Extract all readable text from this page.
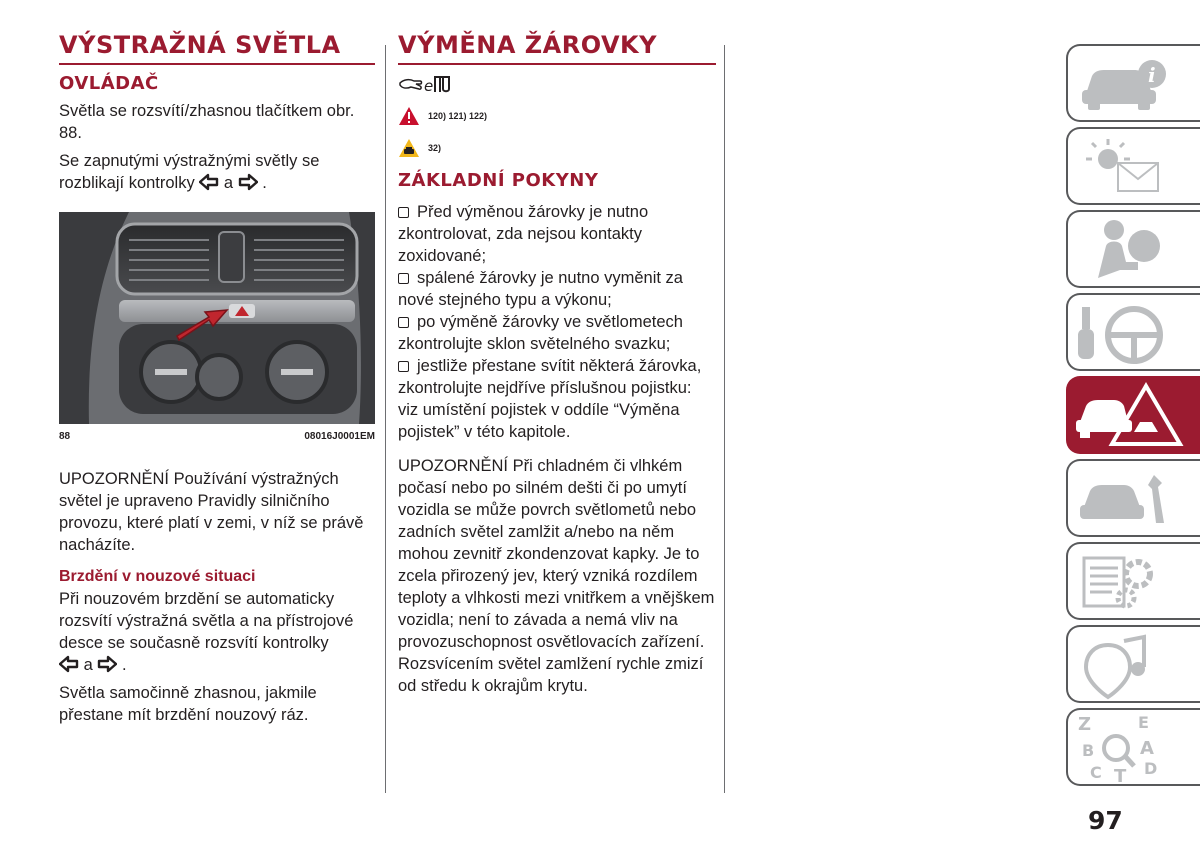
VÝSTRAŽNÁ SVĚTLA
OVLÁDAČ

Světla se rozsvítí/zhasnou tlačítkem obr. 88.

Se zapnutými výstražnými světly se rozblikají kontrolky a .

88	08016J0001EM

UPOZORNĚNÍ Používání výstražných světel je upraveno Pravidly silničního provozu, které platí v zemi, v níž se právě nacházíte.

Brzdění v nouzové situaci

Při nouzovém brzdění se automaticky rozsvítí výstražná světla a na přístrojové desce se současně rozsvítí kontrolky
a .

Světla samočinně zhasnou, jakmile přestane mít brzdění nouzový ráz.

VÝMĚNA ŽÁROVKY
e
120) 121) 122)
32)
ZÁKLADNÍ POKYNY

Před výměnou žárovky je nutno zkontrolovat, zda nejsou kontakty zoxidované;

spálené žárovky je nutno vyměnit za nové stejného typu a výkonu;

po výměně žárovky ve světlometech zkontrolujte sklon světelného svazku;

jestliže přestane svítit některá žárovka, zkontrolujte nejdříve příslušnou pojistku: viz umístění pojistek v oddíle “Výměna pojistek” v této kapitole.

UPOZORNĚNÍ Při chladném či vlhkém počasí nebo po silném dešti či po umytí vozidla se může povrch světlometů nebo zadních světel zamlžit a/nebo na něm mohou zevnitř zkondenzovat kapky. Je to zcela přirozený jev, který vzniká rozdílem teploty a vlhkosti mezi vnitřkem a vnějškem vozidla; není to závada a nemá vliv na provozuschopnost osvětlovacích zařízení. Rozsvícením světel zamlžení rychle zmizí od středu k okrajům krytu.

i
Z	E
B	A
C	D
T
97
